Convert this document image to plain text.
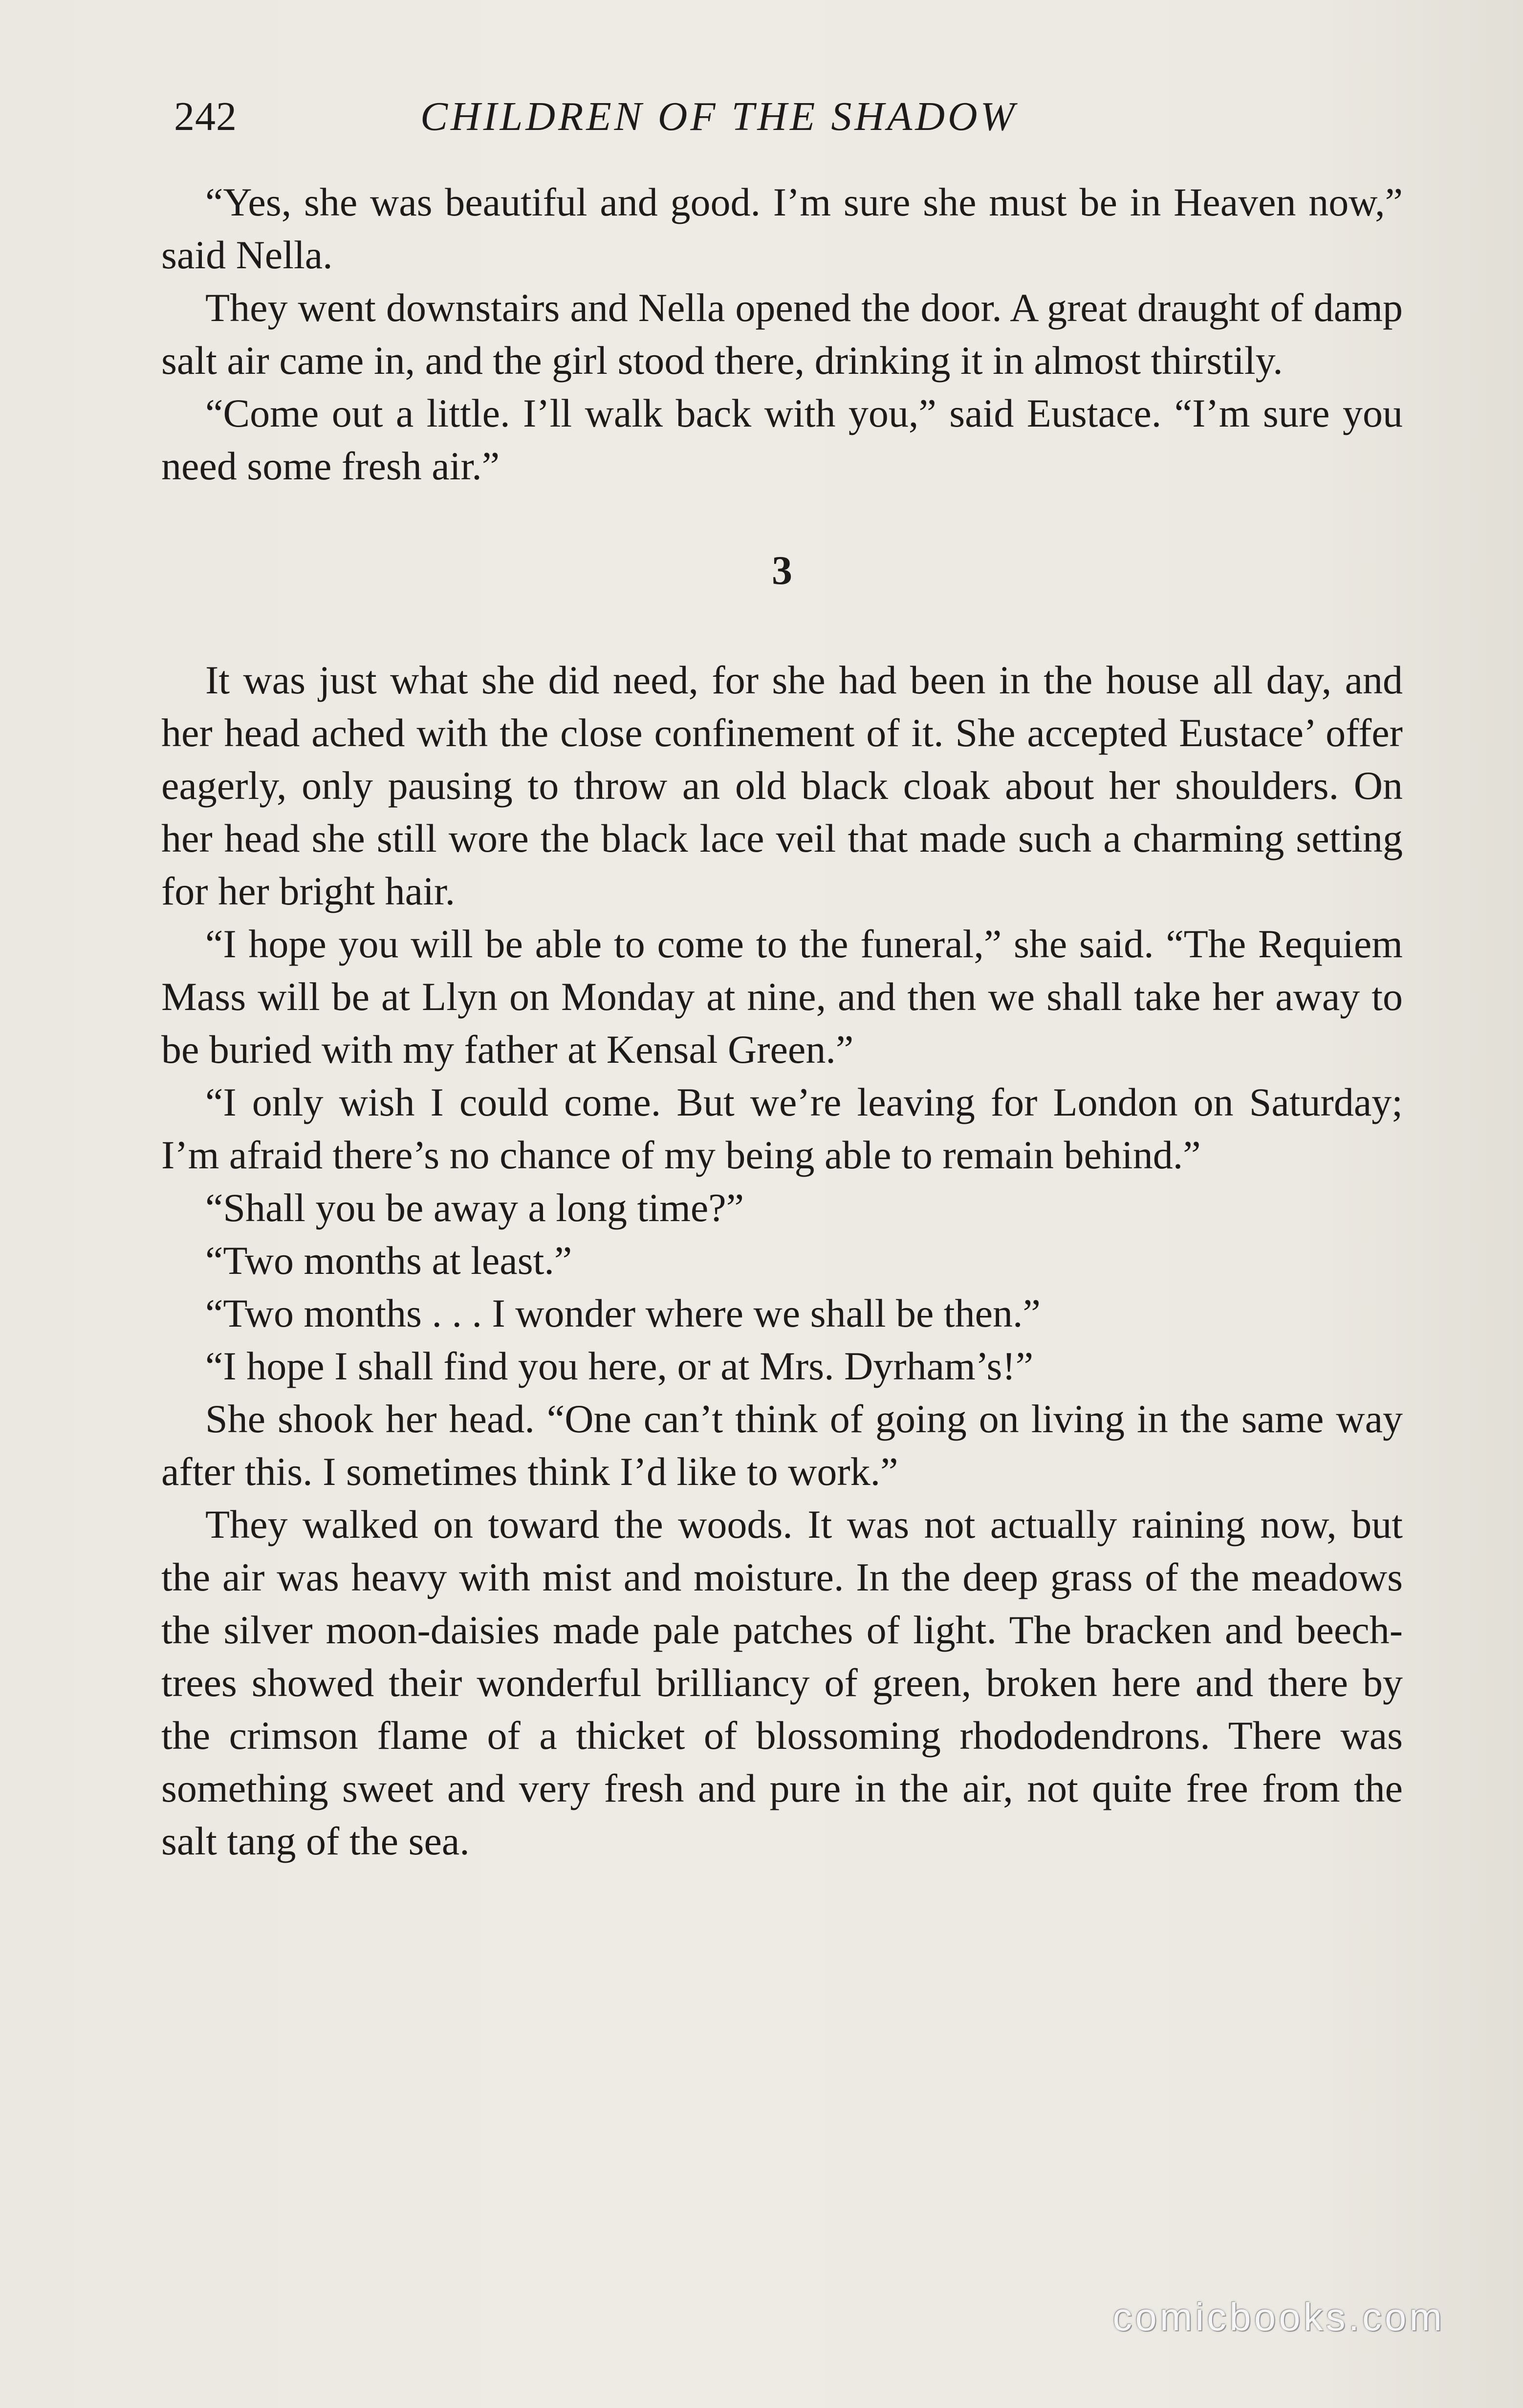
242	CHILDREN OF THE SHADOW

“Yes, she was beautiful and good. I’m sure she must be in Heaven now,” said Nella.

They went downstairs and Nella opened the door. A great draught of damp salt air came in, and the girl stood there, drinking it in almost thirstily.

“Come out a little. I’ll walk back with you,” said Eustace. “I’m sure you need some fresh air.”

3

It was just what she did need, for she had been in the house all day, and her head ached with the close confinement of it. She accepted Eustace’ offer eagerly, only pausing to throw an old black cloak about her shoulders. On her head she still wore the black lace veil that made such a charming setting for her bright hair.

“I hope you will be able to come to the funeral,” she said. “The Requiem Mass will be at Llyn on Monday at nine, and then we shall take her away to be buried with my father at Kensal Green.”

“I only wish I could come. But we’re leaving for London on Saturday; I’m afraid there’s no chance of my being able to remain behind.”

“Shall you be away a long time?”

“Two months at least.”

“Two months . . . I wonder where we shall be then.”

“I hope I shall find you here, or at Mrs. Dyrham’s!”

She shook her head. “One can’t think of going on living in the same way after this. I sometimes think I’d like to work.”

They walked on toward the woods. It was not actually raining now, but the air was heavy with mist and moisture. In the deep grass of the meadows the silver moon-daisies made pale patches of light. The bracken and beech-trees showed their wonderful brilliancy of green, broken here and there by the crimson flame of a thicket of blossoming rhododendrons. There was something sweet and very fresh and pure in the air, not quite free from the salt tang of the sea.

comicbooks.com
